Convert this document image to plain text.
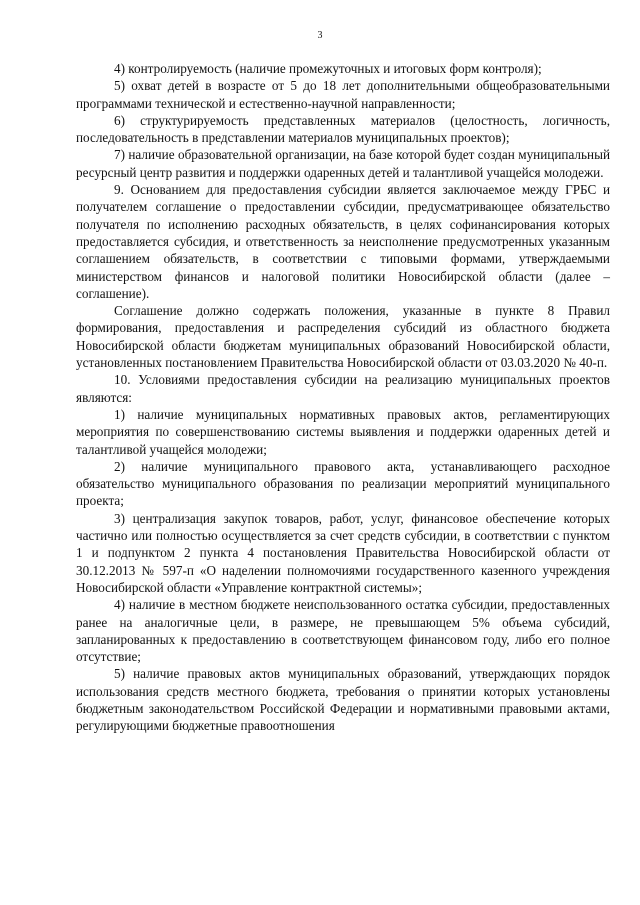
3

4) контролируемость (наличие промежуточных и итоговых форм контроля);

5) охват детей в возрасте от 5 до 18 лет дополнительными общеобразовательными программами технической и естественно-научной направленности;

6) структурируемость представленных материалов (целостность, логичность, последовательность в представлении материалов муниципальных проектов);

7) наличие образовательной организации, на базе которой будет создан муниципальный ресурсный центр развития и поддержки одаренных детей и талантливой учащейся молодежи.

9. Основанием для предоставления субсидии является заключаемое между ГРБС и получателем соглашение о предоставлении субсидии, предусматривающее обязательство получателя по исполнению расходных обязательств, в целях софинансирования которых предоставляется субсидия, и ответственность за неисполнение предусмотренных указанным соглашением обязательств, в соответствии с типовыми формами, утверждаемыми министерством финансов и налоговой политики Новосибирской области (далее – соглашение).

Соглашение должно содержать положения, указанные в пункте 8 Правил формирования, предоставления и распределения субсидий из областного бюджета Новосибирской области бюджетам муниципальных образований Новосибирской области, установленных постановлением Правительства Новосибирской области от 03.03.2020 № 40-п.

10. Условиями предоставления субсидии на реализацию муниципальных проектов являются:

1) наличие муниципальных нормативных правовых актов, регламентирующих мероприятия по совершенствованию системы выявления и поддержки одаренных детей и талантливой учащейся молодежи;

2) наличие муниципального правового акта, устанавливающего расходное обязательство муниципального образования по реализации мероприятий муниципального проекта;

3) централизация закупок товаров, работ, услуг, финансовое обеспечение которых частично или полностью осуществляется за счет средств субсидии, в соответствии с пунктом 1 и подпунктом 2 пункта 4 постановления Правительства Новосибирской области от 30.12.2013 № 597-п «О наделении полномочиями государственного казенного учреждения Новосибирской области «Управление контрактной системы»;

4) наличие в местном бюджете неиспользованного остатка субсидии, предоставленных ранее на аналогичные цели, в размере, не превышающем 5% объема субсидий, запланированных к предоставлению в соответствующем финансовом году, либо его полное отсутствие;

5) наличие правовых актов муниципальных образований, утверждающих порядок использования средств местного бюджета, требования о принятии которых установлены бюджетным законодательством Российской Федерации и нормативными правовыми актами, регулирующими бюджетные правоотношения
